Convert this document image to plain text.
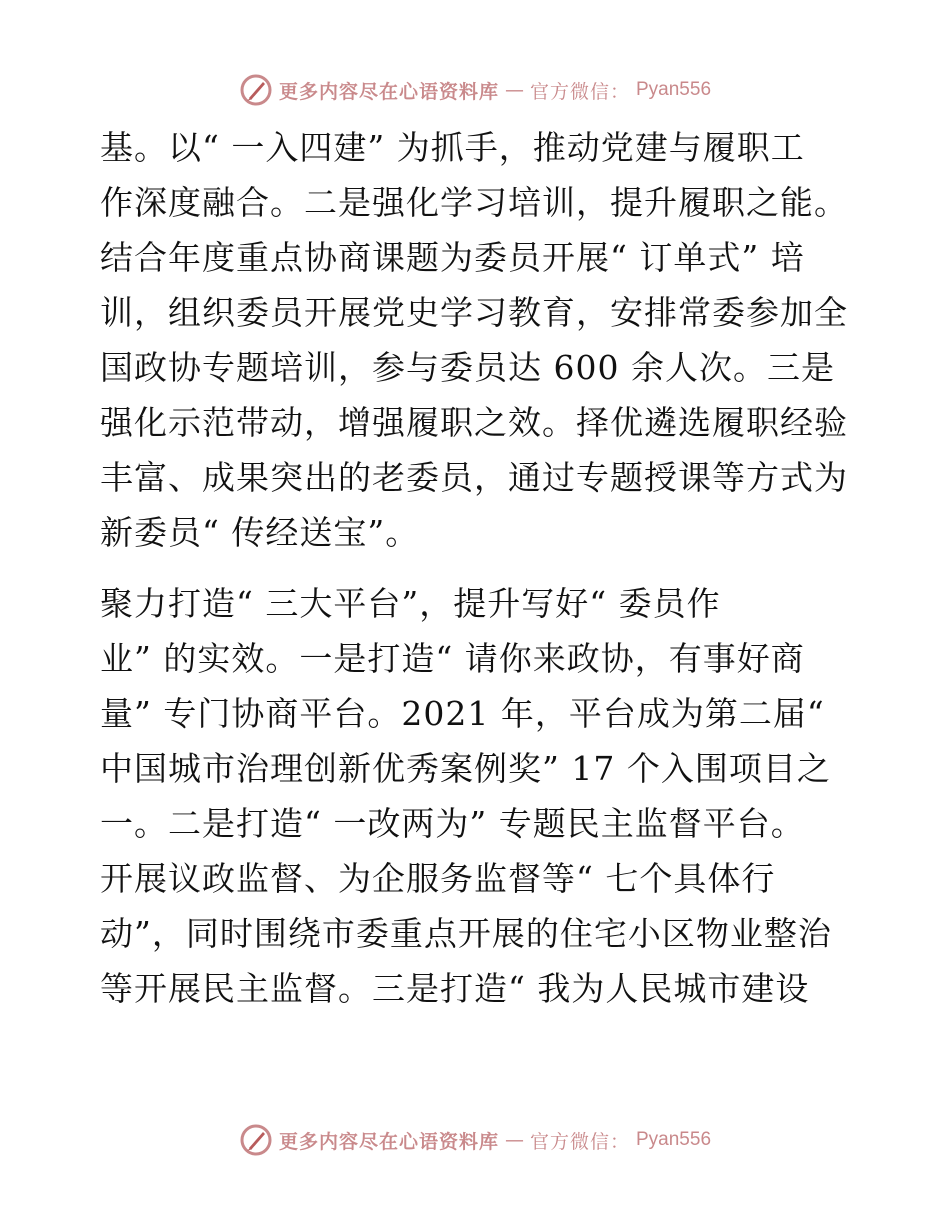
更多内容尽在心语资料库 — 官方微信： Pyan556
基。以“ 一入四建” 为抓手，推动党建与履职工
作深度融合。二是强化学习培训，提升履职之能。
结合年度重点协商课题为委员开展“ 订单式” 培
训，组织委员开展党史学习教育，安排常委参加全
国政协专题培训，参与委员达 600 余人次。三是
强化示范带动，增强履职之效。择优遴选履职经验
丰富、成果突出的老委员，通过专题授课等方式为
新委员“ 传经送宝”。
聚力打造“ 三大平台”，提升写好“ 委员作
业” 的实效。一是打造“ 请你来政协，有事好商
量” 专门协商平台。2021 年，平台成为第二届“
中国城市治理创新优秀案例奖” 17 个入围项目之
一。二是打造“ 一改两为” 专题民主监督平台。
开展议政监督、为企服务监督等“ 七个具体行
动”，同时围绕市委重点开展的住宅小区物业整治
等开展民主监督。三是打造“ 我为人民城市建设
更多内容尽在心语资料库 — 官方微信： Pyan556
